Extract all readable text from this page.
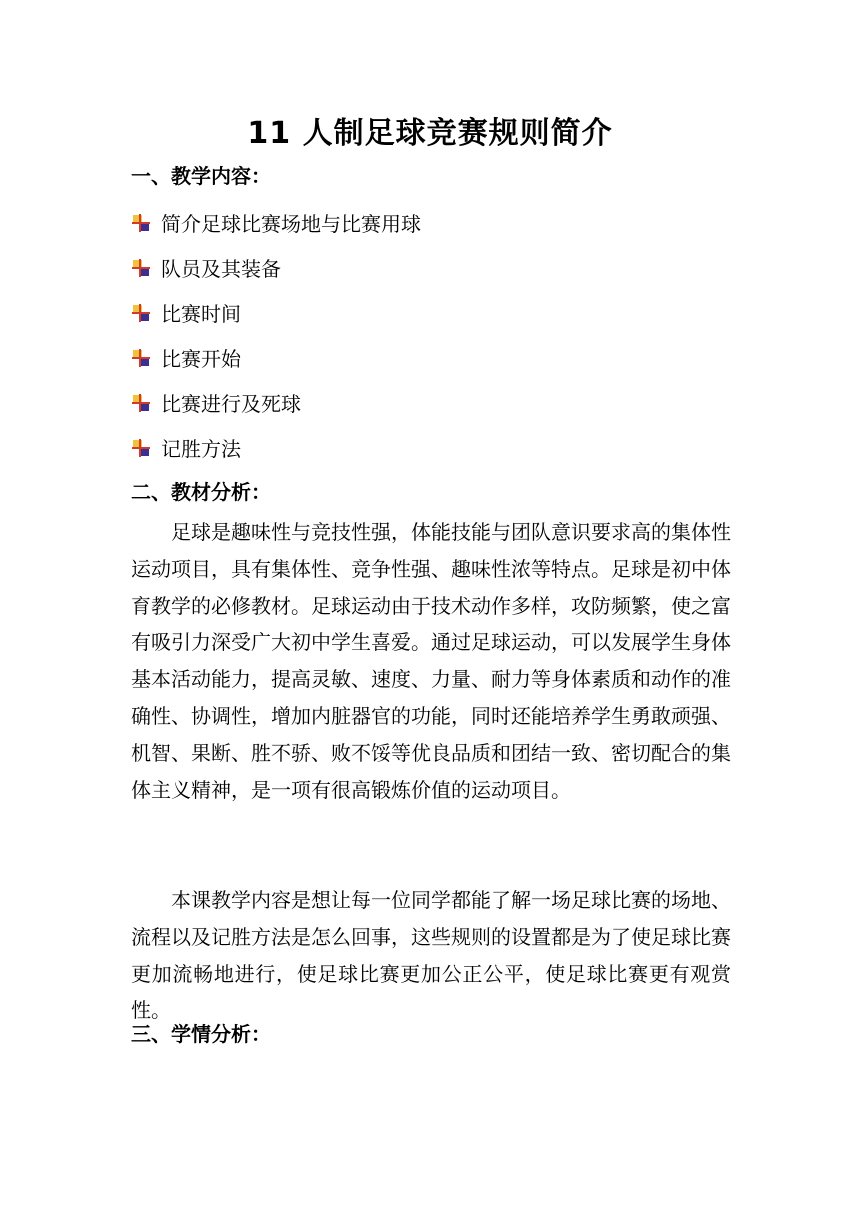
11 人制足球竞赛规则简介
一、教学内容：
简介足球比赛场地与比赛用球
队员及其装备
比赛时间
比赛开始
比赛进行及死球
记胜方法
二、教材分析：

足球是趣味性与竞技性强，体能技能与团队意识要求高的集体性运动项目，具有集体性、竞争性强、趣味性浓等特点。足球是初中体育教学的必修教材。足球运动由于技术动作多样，攻防频繁，使之富有吸引力深受广大初中学生喜爱。通过足球运动，可以发展学生身体基本活动能力，提高灵敏、速度、力量、耐力等身体素质和动作的准确性、协调性，增加内脏器官的功能，同时还能培养学生勇敢顽强、机智、果断、胜不骄、败不馁等优良品质和团结一致、密切配合的集体主义精神，是一项有很高锻炼价值的运动项目。

本课教学内容是想让每一位同学都能了解一场足球比赛的场地、流程以及记胜方法是怎么回事，这些规则的设置都是为了使足球比赛更加流畅地进行，使足球比赛更加公正公平，使足球比赛更有观赏性。

三、学情分析：
